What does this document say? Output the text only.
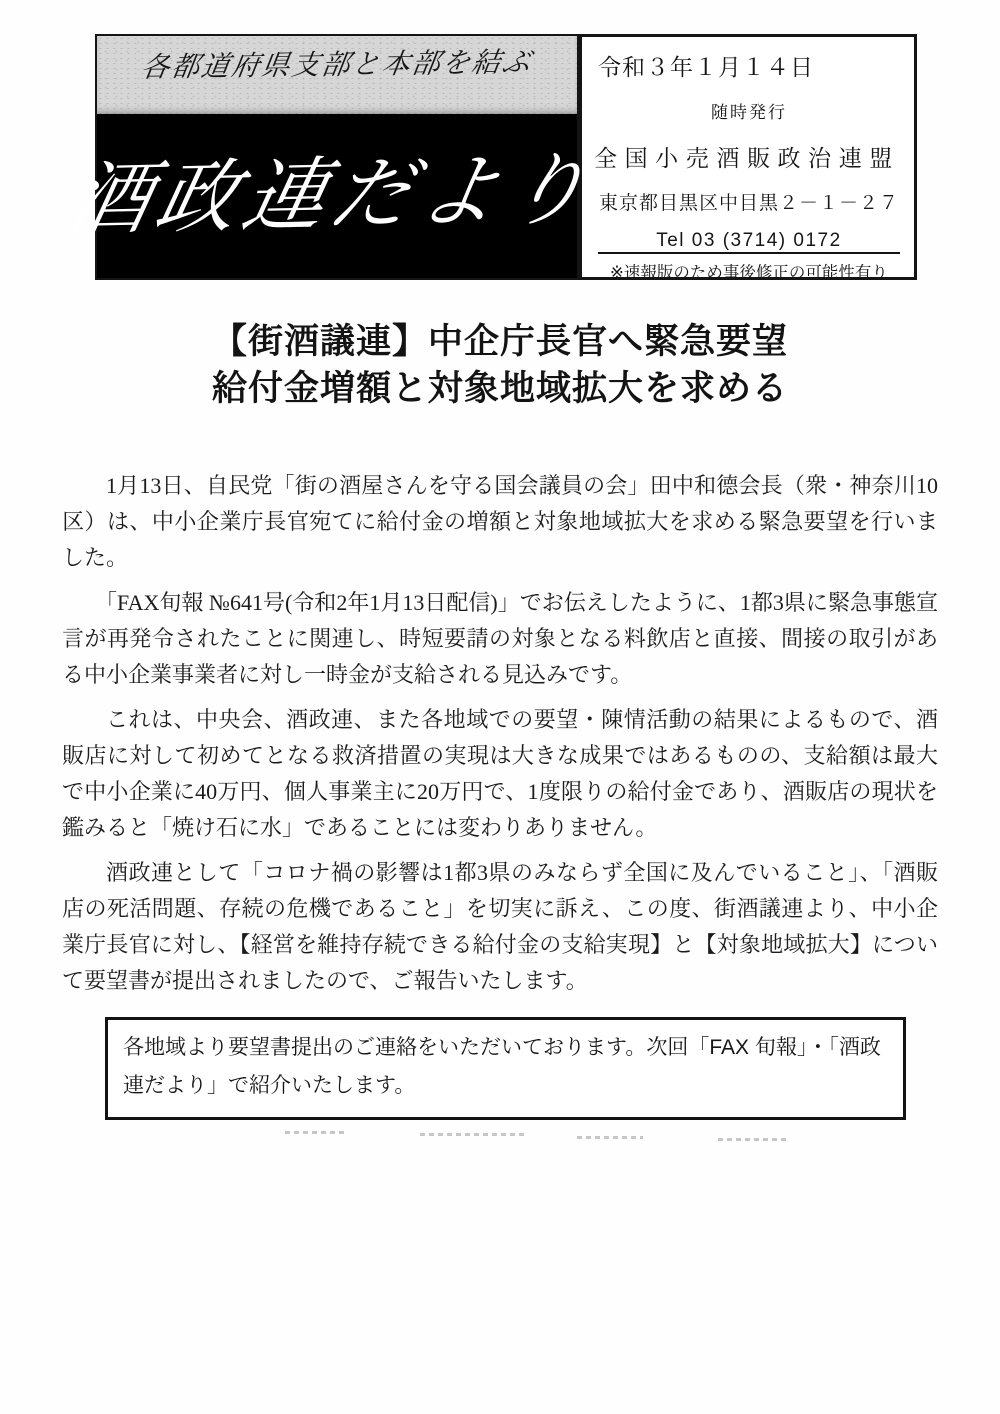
各都道府県支部と本部を結ぶ
酒政連だより
令和３年１月１４日
随時発行
全国小売酒販政治連盟
東京都目黒区中目黒２－１－２７
Tel 03 (3714) 0172
※速報版のため事後修正の可能性有り
【街酒議連】中企庁長官へ緊急要望
給付金増額と対象地域拡大を求める

1月13日、自民党「街の酒屋さんを守る国会議員の会」田中和德会長（衆・神奈川10区）は、中小企業庁長官宛てに給付金の増額と対象地域拡大を求める緊急要望を行いました。

「FAX旬報 №641号(令和2年1月13日配信)」でお伝えしたように、1都3県に緊急事態宣言が再発令されたことに関連し、時短要請の対象となる料飲店と直接、間接の取引がある中小企業事業者に対し一時金が支給される見込みです。

これは、中央会、酒政連、また各地域での要望・陳情活動の結果によるもので、酒販店に対して初めてとなる救済措置の実現は大きな成果ではあるものの、支給額は最大で中小企業に40万円、個人事業主に20万円で、1度限りの給付金であり、酒販店の現状を鑑みると「焼け石に水」であることには変わりありません。

酒政連として「コロナ禍の影響は1都3県のみならず全国に及んでいること」、「酒販店の死活問題、存続の危機であること」を切実に訴え、この度、街酒議連より、中小企業庁長官に対し、【経営を維持存続できる給付金の支給実現】と【対象地域拡大】について要望書が提出されましたので、ご報告いたします。

各地域より要望書提出のご連絡をいただいております。次回「FAX 旬報」・「酒政連だより」で紹介いたします。
